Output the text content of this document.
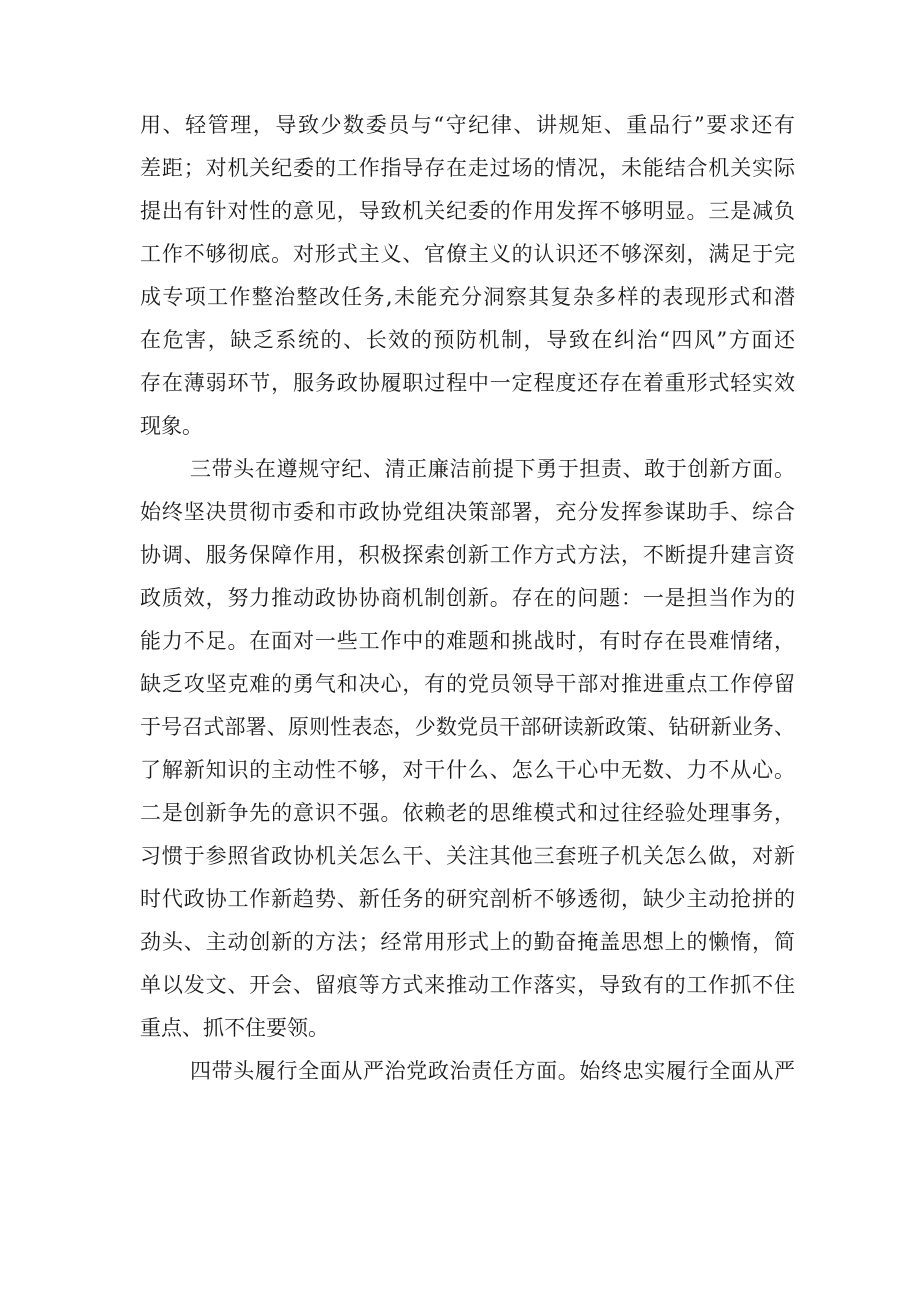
用、轻管理，导致少数委员与“守纪律、讲规矩、重品行”要求还有
差距；对机关纪委的工作指导存在走过场的情况，未能结合机关实际
提出有针对性的意见，导致机关纪委的作用发挥不够明显。三是减负
工作不够彻底。对形式主义、官僚主义的认识还不够深刻，满足于完
成专项工作整治整改任务,未能充分洞察其复杂多样的表现形式和潜
在危害，缺乏系统的、长效的预防机制，导致在纠治“四风”方面还
存在薄弱环节，服务政协履职过程中一定程度还存在着重形式轻实效
现象。
三带头在遵规守纪、清正廉洁前提下勇于担责、敢于创新方面。
始终坚决贯彻市委和市政协党组决策部署，充分发挥参谋助手、综合
协调、服务保障作用，积极探索创新工作方式方法，不断提升建言资
政质效，努力推动政协协商机制创新。存在的问题：一是担当作为的
能力不足。在面对一些工作中的难题和挑战时，有时存在畏难情绪，
缺乏攻坚克难的勇气和决心，有的党员领导干部对推进重点工作停留
于号召式部署、原则性表态，少数党员干部研读新政策、钻研新业务、
了解新知识的主动性不够，对干什么、怎么干心中无数、力不从心。
二是创新争先的意识不强。依赖老的思维模式和过往经验处理事务，
习惯于参照省政协机关怎么干、关注其他三套班子机关怎么做，对新
时代政协工作新趋势、新任务的研究剖析不够透彻，缺少主动抢拼的
劲头、主动创新的方法；经常用形式上的勤奋掩盖思想上的懒惰，简
单以发文、开会、留痕等方式来推动工作落实，导致有的工作抓不住
重点、抓不住要领。
四带头履行全面从严治党政治责任方面。始终忠实履行全面从严
